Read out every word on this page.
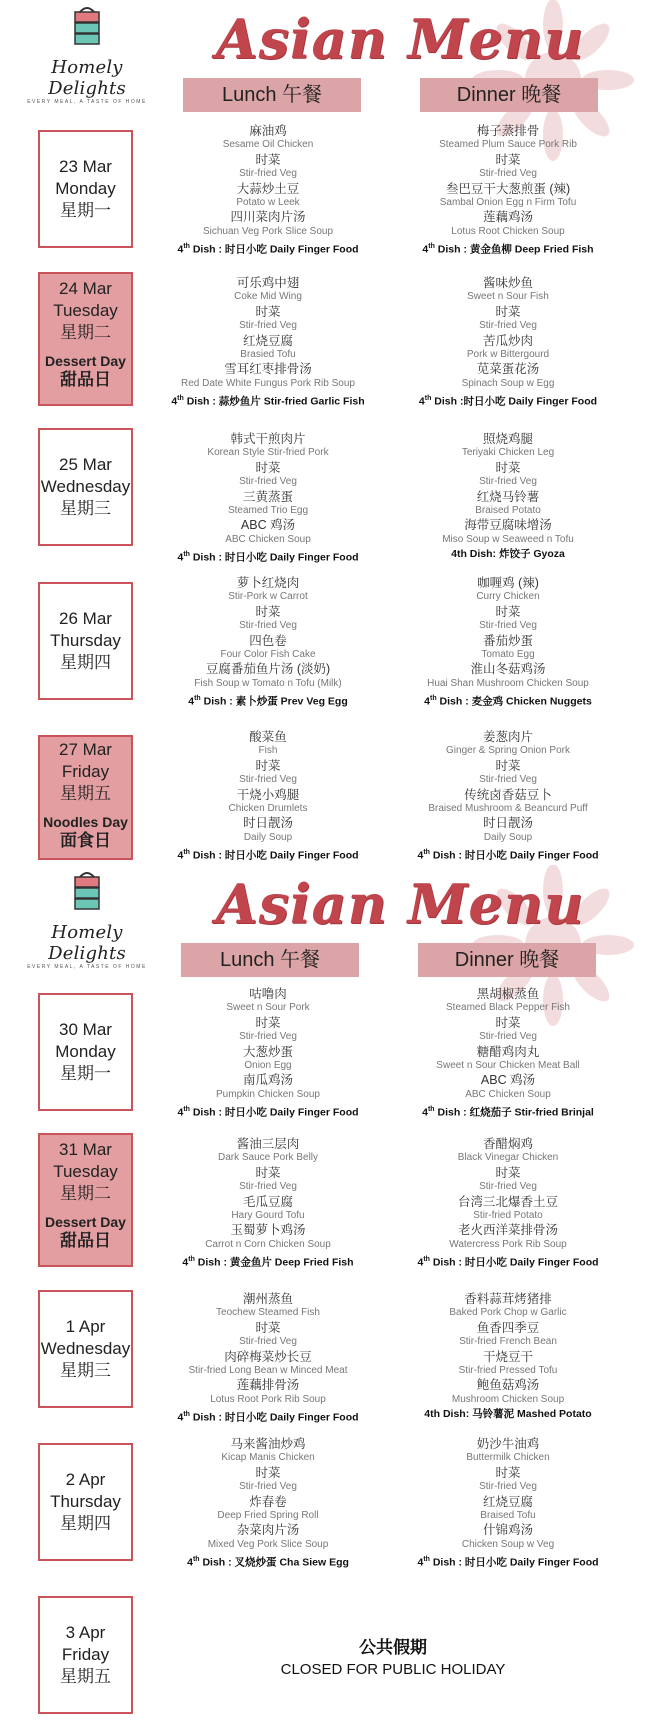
Homely Delights
EVERY MEAL, A TASTE OF HOME
Asian Menu
Lunch 午餐	Dinner 晚餐
23 Mar
Monday
星期一
麻油鸡
Sesame Oil Chicken
时菜
Stir-fried Veg
大蒜炒土豆
Potato w Leek
四川菜肉片汤
Sichuan Veg Pork Slice Soup
4th Dish : 时日小吃 Daily Finger Food
梅子蒸排骨
Steamed Plum Sauce Pork Rib
时菜
Stir-fried Veg
叁巴豆干大葱煎蛋 (辣)
Sambal Onion Egg n Firm Tofu
莲藕鸡汤
Lotus Root Chicken Soup
4th Dish : 黄金鱼柳 Deep Fried Fish
24 Mar
Tuesday
星期二
Dessert Day
甜品日
可乐鸡中翅
Coke Mid Wing
时菜
Stir-fried Veg
红烧豆腐
Brasied Tofu
雪耳红枣排骨汤
Red Date White Fungus Pork Rib Soup
4th Dish : 蒜炒鱼片 Stir-fried Garlic Fish
酱味炒鱼
Sweet n Sour Fish
时菜
Stir-fried Veg
苦瓜炒肉
Pork w Bittergourd
苋菜蛋花汤
Spinach Soup w Egg
4th Dish :时日小吃 Daily Finger Food
25 Mar
Wednesday
星期三
韩式干煎肉片
Korean Style Stir-fried Pork
时菜
Stir-fried Veg
三黄蒸蛋
Steamed Trio Egg
ABC 鸡汤
ABC Chicken Soup
4th Dish : 时日小吃 Daily Finger Food
照烧鸡腿
Teriyaki Chicken Leg
时菜
Stir-fried Veg
红烧马铃薯
Braised Potato
海带豆腐味增汤
Miso Soup w Seaweed n Tofu
4th Dish: 炸饺子 Gyoza
26 Mar
Thursday
星期四
萝卜红烧肉
Stir-Pork w Carrot
时菜
Stir-fried Veg
四色卷
Four Color Fish Cake
豆腐番茄鱼片汤 (淡奶)
Fish Soup w Tomato n Tofu (Milk)
4th Dish : 素卜炒蛋 Prev Veg Egg
咖喱鸡 (辣)
Curry Chicken
时菜
Stir-fried Veg
番茄炒蛋
Tomato Egg
淮山冬菇鸡汤
Huai Shan Mushroom Chicken Soup
4th Dish : 麦金鸡 Chicken Nuggets
27 Mar
Friday
星期五
Noodles Day
面食日
酸菜鱼
Fish
时菜
Stir-fried Veg
干烧小鸡腿
Chicken Drumlets
时日靓汤
Daily Soup
4th Dish : 时日小吃 Daily Finger Food
姜葱肉片
Ginger & Spring Onion Pork
时菜
Stir-fried Veg
传统卤香菇豆卜
Braised Mushroom & Beancurd Puff
时日靓汤
Daily Soup
4th Dish : 时日小吃 Daily Finger Food
Homely Delights
EVERY MEAL, A TASTE OF HOME
Asian Menu
Lunch 午餐	Dinner 晚餐
30 Mar
Monday
星期一
咕噜肉
Sweet n Sour Pork
时菜
Stir-fried Veg
大葱炒蛋
Onion Egg
南瓜鸡汤
Pumpkin Chicken Soup
4th Dish : 时日小吃 Daily Finger Food
黑胡椒蒸鱼
Steamed Black Pepper Fish
时菜
Stir-fried Veg
糖醋鸡肉丸
Sweet n Sour Chicken Meat Ball
ABC 鸡汤
ABC Chicken Soup
4th Dish : 红烧茄子 Stir-fried Brinjal
31 Mar
Tuesday
星期二
Dessert Day
甜品日
酱油三层肉
Dark Sauce Pork Belly
时菜
Stir-fried Veg
毛瓜豆腐
Hary Gourd Tofu
玉蜀萝卜鸡汤
Carrot n Corn Chicken Soup
4th Dish : 黄金鱼片 Deep Fried Fish
香醋焖鸡
Black Vinegar Chicken
时菜
Stir-fried Veg
台湾三北爆香土豆
Stir-fried Potato
老火西洋菜排骨汤
Watercress Pork Rib Soup
4th Dish : 时日小吃 Daily Finger Food
1 Apr
Wednesday
星期三
潮州蒸鱼
Teochew Steamed Fish
时菜
Stir-fried Veg
肉碎梅菜炒长豆
Stir-fried Long Bean w Minced Meat
莲藕排骨汤
Lotus Root Pork Rib Soup
4th Dish : 时日小吃 Daily Finger Food
香料蒜茸烤猪排
Baked Pork Chop w Garlic
鱼香四季豆
Stir-fried French Bean
干烧豆干
Stir-fried Pressed Tofu
鲍鱼菇鸡汤
Mushroom Chicken Soup
4th Dish: 马铃薯泥 Mashed Potato
2 Apr
Thursday
星期四
马来酱油炒鸡
Kicap Manis Chicken
时菜
Stir-fried Veg
炸春卷
Deep Fried Spring Roll
杂菜肉片汤
Mixed Veg Pork Slice Soup
4th Dish : 叉烧炒蛋 Cha Siew Egg
奶沙牛油鸡
Buttermilk Chicken
时菜
Stir-fried Veg
红烧豆腐
Braised Tofu
什锦鸡汤
Chicken Soup w Veg
4th Dish : 时日小吃 Daily Finger Food
3 Apr
Friday
星期五
公共假期
CLOSED FOR PUBLIC HOLIDAY
